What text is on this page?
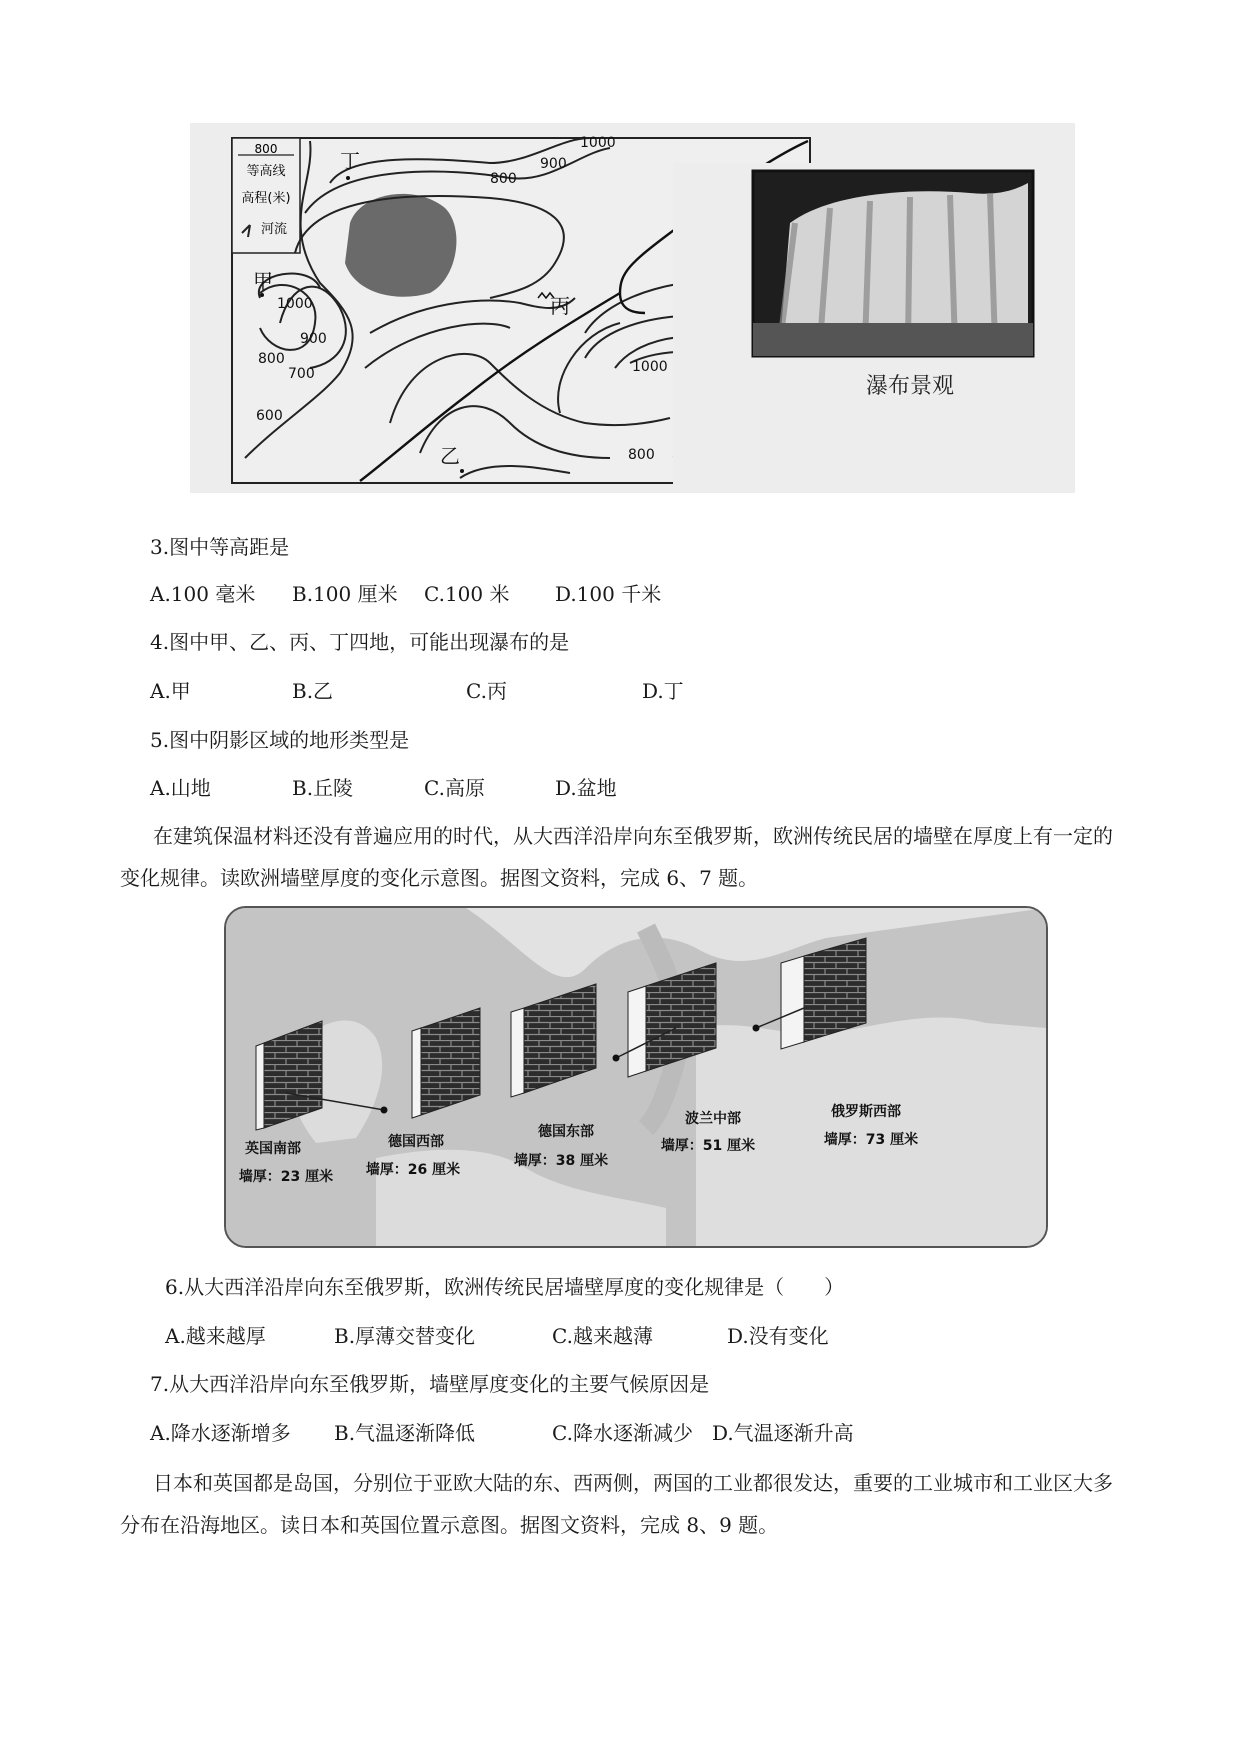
800
等高线
高程(米)
河流
1000
900
800
1000
900
800
700
600
1000
800
丁
甲
丙
乙
瀑布景观
3.图中等高距是
A.100 毫米 B.100 厘米 C.100 米 D.100 千米
4.图中甲、乙、丙、丁四地，可能出现瀑布的是
A.甲	B.乙	C.丙	D.丁
5.图中阴影区域的地形类型是
A.山地	B.丘陵	C.高原	D.盆地
在建筑保温材料还没有普遍应用的时代，从大西洋沿岸向东至俄罗斯，欧洲传统民居的墙壁在厚度上有一定的变化规律。读欧洲墙壁厚度的变化示意图。据图文资料，完成 6、7 题。
英国南部
墙厚：23 厘米
德国西部
墙厚：26 厘米
德国东部
墙厚：38 厘米
波兰中部
墙厚：51 厘米
俄罗斯西部
墙厚：73 厘米
6.从大西洋沿岸向东至俄罗斯，欧洲传统民居墙壁厚度的变化规律是（　　）
A.越来越厚	B.厚薄交替变化	C.越来越薄	D.没有变化
7.从大西洋沿岸向东至俄罗斯，墙壁厚度变化的主要气候原因是
A.降水逐渐增多 B.气温逐渐降低	C.降水逐渐减少 D.气温逐渐升高
日本和英国都是岛国，分别位于亚欧大陆的东、西两侧，两国的工业都很发达，重要的工业城市和工业区大多分布在沿海地区。读日本和英国位置示意图。据图文资料，完成 8、9 题。
